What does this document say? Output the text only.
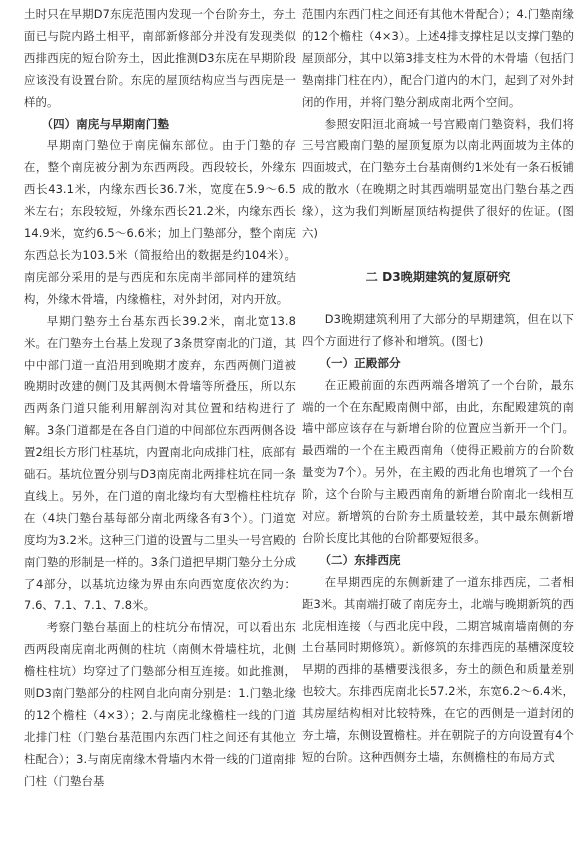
土时只在早期D7东庑范围内发现一个台阶夯土，夯土面已与院内路土相平，南部新修部分并没有发现类似西排西庑的短台阶夯土，因此推测D3东庑在早期阶段应该没有设置台阶。东庑的屋顶结构应当与西庑是一样的。

（四）南庑与早期南门塾

早期南门塾位于南庑偏东部位。由于门塾的存在，整个南庑被分割为东西两段。西段较长，外缘东西长43.1米，内缘东西长36.7米，宽度在5.9～6.5米左右；东段较短，外缘东西长21.2米，内缘东西长14.9米，宽约6.5～6.6米；加上门塾部分，整个南庑东西总长为103.5米（简报给出的数据是约104米）。南庑部分采用的是与西庑和东庑南半部同样的建筑结构，外缘木骨墙，内缘檐柱，对外封闭，对内开放。

早期门塾夯土台基东西长39.2米，南北宽13.8米。在门塾夯土台基上发现了3条贯穿南北的门道，其中中部门道一直沿用到晚期才废弃，东西两侧门道被晚期时改建的侧门及其两侧木骨墙等所叠压，所以东西两条门道只能利用解剖沟对其位置和结构进行了解。3条门道都是在各自门道的中间部位东西两侧各设置2组长方形门柱基坑，内置南北向成排门柱，底部有础石。基坑位置分别与D3南庑南北两排柱坑在同一条直线上。另外，在门道的南北缘均有大型檐柱柱坑存在（4块门塾台基每部分南北两缘各有3个）。门道宽度均为3.2米。这种三门道的设置与二里头一号宫殿的南门塾的形制是一样的。3条门道把早期门塾分土分成了4部分，以基坑边缘为界由东向西宽度依次约为：7.6、7.1、7.1、7.8米。

考察门塾台基面上的柱坑分布情况，可以看出东西两段南庑南北两侧的柱坑（南侧木骨墙柱坑，北侧檐柱柱坑）均穿过了门塾部分相互连接。如此推测，则D3南门塾部分的柱网自北向南分别是：1.门塾北缘的12个檐柱（4×3）；2.与南庑北缘檐柱一线的门道北排门柱（门塾台基范围内东西门柱之间还有其他立柱配合）；3.与南庑南缘木骨墙内木骨一线的门道南排门柱（门塾台基

范围内东西门柱之间还有其他木骨配合）；4.门塾南缘的12个檐柱（4×3）。上述4排支撑柱足以支撑门塾的屋顶部分，其中以第3排支柱为木骨的木骨墙（包括门塾南排门柱在内），配合门道内的木门，起到了对外封闭的作用，并将门塾分割成南北两个空间。

参照安阳洹北商城一号宫殿南门塾资料，我们将三号宫殿南门塾的屋顶复原为以南北两面坡为主体的四面坡式，在门塾夯土台基南侧约1米处有一条石板铺成的散水（在晚期之时其西端明显宽出门塾台基之西缘），这为我们判断屋顶结构提供了很好的佐证。(图六)

二 D3晚期建筑的复原研究

D3晚期建筑利用了大部分的早期建筑，但在以下四个方面进行了修补和增筑。(图七)

（一）正殿部分

在正殿前面的东西两端各增筑了一个台阶，最东端的一个在东配殿南侧中部，由此，东配殿建筑的南墙中部应该存在与新增台阶的位置应当新开一个门。最西端的一个在主殿西南角（使得正殿前方的台阶数量变为7个）。另外，在主殿的西北角也增筑了一个台阶，这个台阶与主殿西南角的新增台阶南北一线相互对应。新增筑的台阶夯土质量较差，其中最东侧新增台阶长度比其他的台阶都要短很多。

（二）东排西庑

在早期西庑的东侧新建了一道东排西庑，二者相距3米。其南端打破了南庑夯土，北端与晚期新筑的西北庑相连接（与西北庑中段，二期宫城南墙南侧的夯土台基同时期修筑）。新修筑的东排西庑的基槽深度较早期的西排的基槽要浅很多，夯土的颜色和质量差别也较大。东排西庑南北长57.2米，东宽6.2～6.4米，其房屋结构相对比较特殊，在它的西侧是一道封闭的夯土墙，东侧设置檐柱。并在朝院子的方向设置有4个短的台阶。这种西侧夯土墙，东侧檐柱的布局方式
